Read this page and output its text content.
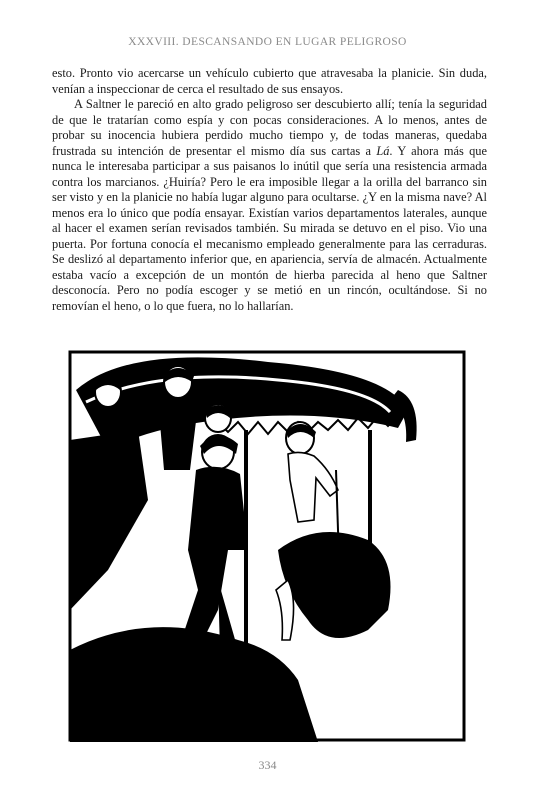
XXXVIII. DESCANSANDO EN LUGAR PELIGROSO

esto. Pronto vio acercarse un vehículo cubierto que atravesaba la planicie. Sin duda, venían a inspeccionar de cerca el resultado de sus ensayos.

A Saltner le pareció en alto grado peligroso ser descubierto allí; tenía la seguridad de que le tratarían como espía y con pocas consideraciones. A lo menos, antes de probar su inocencia hubiera perdido mucho tiempo y, de todas maneras, quedaba frustrada su intención de presentar el mismo día sus cartas a Lá. Y ahora más que nunca le interesaba participar a sus paisanos lo inútil que sería una resistencia armada contra los marcianos. ¿Huiría? Pero le era imposible llegar a la orilla del barranco sin ser visto y en la planicie no había lugar alguno para ocultarse. ¿Y en la misma nave? Al menos era lo único que podía ensayar. Existían varios departamentos laterales, aunque al hacer el examen serían revisados también. Su mirada se detuvo en el piso. Vio una puerta. Por fortuna conocía el mecanismo empleado generalmente para las cerraduras. Se deslizó al departamento inferior que, en apariencia, servía de almacén. Actualmente estaba vacío a excepción de un montón de hierba parecida al heno que Saltner desconocía. Pero no podía escoger y se metió en un rincón, ocultándose. Si no removían el heno, o lo que fuera, no lo hallarían.

E.V.
334
